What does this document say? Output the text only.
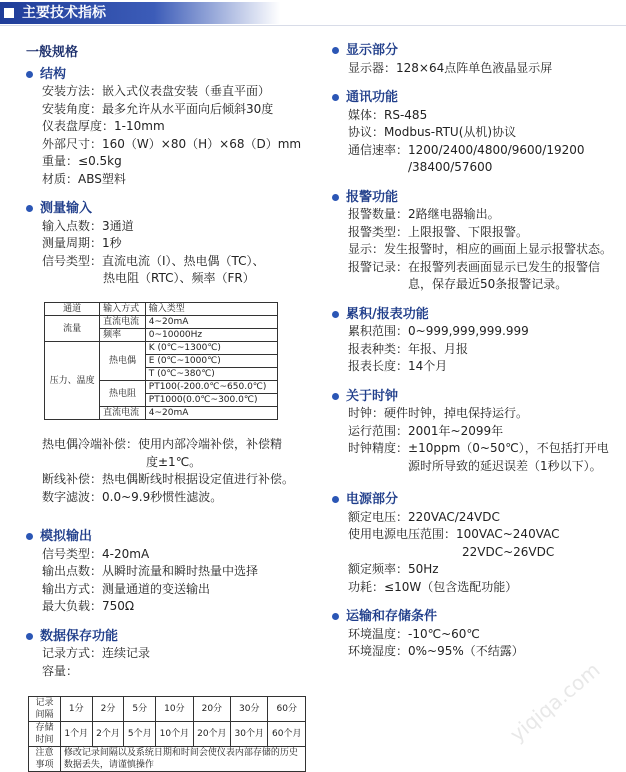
主要技术指标
一般规格
结构
安装方法： 嵌入式仪表盘安装（垂直平面）
安装角度： 最多允许从水平面向后倾斜30度
仪表盘厚度： 1-10mm
外部尺寸： 160（W）×80（H）×68（D）mm
重量： ≤0.5kg
材质： ABS塑料
测量输入
输入点数： 3通道
测量周期： 1秒
信号类型： 直流电流（I）、热电偶（TC）、
热电阻（RTC）、频率（FR）
通道	输入方式	输入类型
流量	直流电流	4~20mA
	频率	0~10000Hz
压力、温度	热电偶	K (0℃~1300℃)
		E (0℃~1000℃)
		T (0℃~380℃)
	热电阻	PT100(-200.0℃~650.0℃)
		PT1000(0.0℃~300.0℃)
	直流电流	4~20mA
热电偶冷端补偿： 使用内部冷端补偿，补偿精
度±1℃。
断线补偿： 热电偶断线时根据设定值进行补偿。
数字滤波： 0.0~9.9秒惯性滤波。
模拟输出
信号类型： 4-20mA
输出点数： 从瞬时流量和瞬时热量中选择
输出方式： 测量通道的变送输出
最大负载： 750Ω
数据保存功能
记录方式： 连续记录
容量：
记录间隔	1分	2分	5分	10分	20分	30分	60分
存储时间	1个月	2个月	5个月	10个月	20个月	30个月	60个月
注意事项	修改记录间隔以及系统日期和时间会使仪表内部存储的历史数据丢失，请谨慎操作						
显示部分
显示器： 128×64点阵单色液晶显示屏
通讯功能
媒体： RS-485
协议： Modbus-RTU(从机)协议
通信速率： 1200/2400/4800/9600/19200
/38400/57600
报警功能
报警数量： 2路继电器输出。
报警类型： 上限报警、下限报警。
显示： 发生报警时，相应的画面上显示报警状态。
报警记录： 在报警列表画面显示已发生的报警信
息，保存最近50条报警记录。
累积/报表功能
累积范围： 0~999,999,999.999
报表种类： 年报、月报
报表长度： 14个月
关于时钟
时钟： 硬件时钟，掉电保持运行。
运行范围： 2001年~2099年
时钟精度： ±10ppm（0~50℃），不包括打开电
源时所导致的延迟误差（1秒以下）。
电源部分
额定电压： 220VAC/24VDC
使用电源电压范围： 100VAC~240VAC
22VDC~26VDC
额定频率： 50Hz
功耗： ≤10W（包含选配功能）
运输和存储条件
环境温度： -10℃~60℃
环境湿度： 0%~95%（不结露）
yiqiqa.com
